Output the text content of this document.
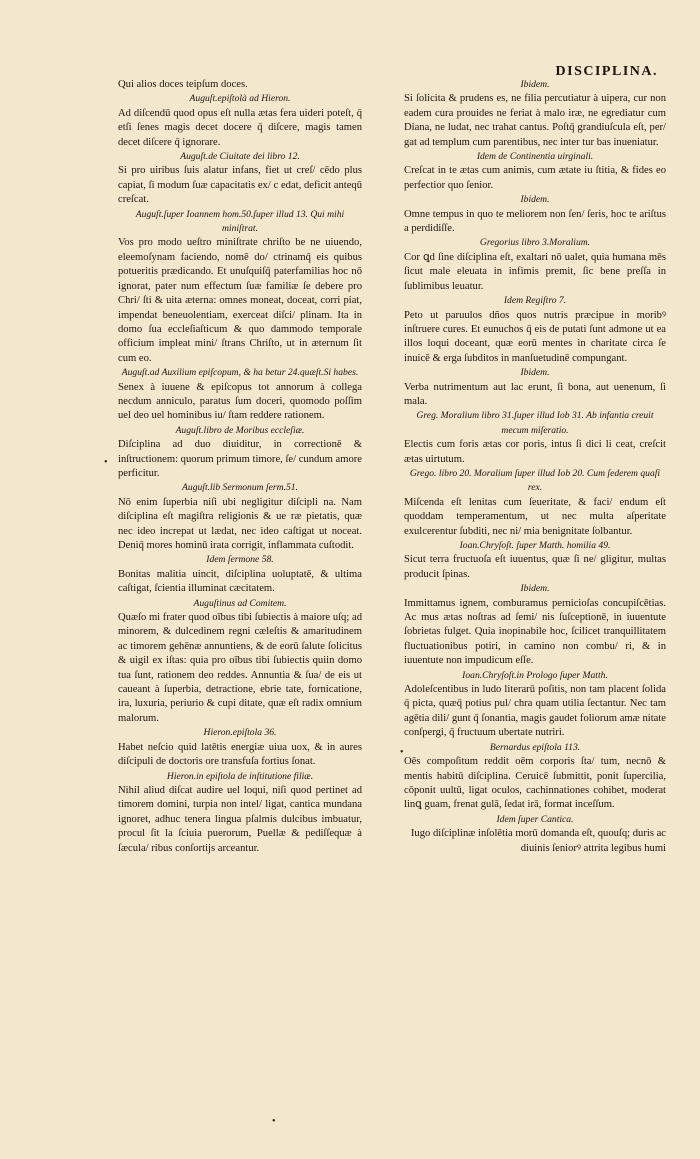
DISCIPLINA.

Qui alios doces teipſum doces.

Auguſt.epiſtolà ad Hieron.

Ad diſcendū quod opus eſt nulla ætas fera uideri poteſt, q̄ etſi ſenes magis decet docere q̄ diſcere, magis tamen decet diſcere q̄ ignorare.

Auguſt.de Ciuitate dei libro 12.

Si pro uiribus ſuis alatur infans, fiet ut creſ/ cēdo plus capiat, ſi modum ſuæ capacitatis ex/ c edat, deficit anteqū creſcat.

Auguſt.ſuper Ioannem hom.50.ſuper illud 13. Qui mihi miniſtrat.

Vos pro modo ueſtro miniſtrate chriſto be ne uiuendo, eleemoſynam faciendo, nomē do/ ctrinamq̄ eis quibus potueritis prædicando. Et unuſquiſq̄ paterfamilias hoc nō ignorat, pater num effectum ſuæ familiæ ſe debere pro Chri/ ſti & uita æterna: omnes moneat, doceat, corri piat, impendat beneuolentiam, exerceat diſci/ plinam. Ita in domo ſua eccleſiaſticum & quo dammodo temporale officium impleat mini/ ſtrans Chriſto, ut in æternum ſit cum eo.

Auguſt.ad Auxilium epiſcopum, & ha betur 24.quæſt.Si habes.

Senex à iuuene & epiſcopus tot annorum à collega necdum anniculo, paratus ſum doceri, quomodo poſſim uel deo uel hominibus iu/ ſtam reddere rationem.

Auguſt.libro de Moribus eccleſiæ.

Diſciplina ad duo diuiditur, in correctionē & inſtructionem: quorum primum timore, ſe/ cundum amore perficitur.

Auguſt.lib Sermonum ſerm.51.

Nō enim ſuperbia niſi ubi negligitur diſcipli na. Nam diſciplina eſt magiſtra religionis & ue ræ pietatis, quæ nec ideo increpat ut lædat, nec ideo caſtigat ut noceat. Deniq̄ mores hominū irata corrigit, inflammata cuſtodit.

Idem ſermone 58.

Bonitas malitia uincit, diſciplina uoluptatē, & ultima caſtigat, ſcientia illuminat cæcitatem.

Auguſtinus ad Comitem.

Quæſo mi frater quod oībus tibi ſubiectis à maiore uſq; ad minorem, & dulcedinem regni cæleſtis & amaritudinem ac timorem gehēnæ annuntiens, & de eorū ſalute ſolicitus & uigil ex iſtas: quia pro oībus tibi ſubiectis quiin domo tua ſunt, rationem deo reddes. Annuntia & ſua/ de eis ut caueant à ſuperbia, detractione, ebrie tate, fornicatione, ira, luxuria, periurio & cupi ditate, quæ eſt radix omnium malorum.

Hieron.epiſtola 36.

Habet neſcio quid latētis energiæ uiua uox, & in aures diſcipuli de doctoris ore transfuſa fortius ſonat.

Hieron.in epiſtola de inſtitutione filiæ.

Nihil aliud diſcat audire uel loqui, niſi quod pertinet ad timorem domini, turpia non intel/ ligat, cantica mundana ignoret, adhuc tenera lingua pſalmis dulcibus imbuatur, procul ſit la ſciuia puerorum, Puellæ & pediſſequæ à ſæcula/ ribus conſortijs arceantur.

Ibidem.

Si ſolicita & prudens es, ne filia percutiatur à uipera, cur non eadem cura prouides ne feriat à malo iræ, ne egrediatur cum Diana, ne ludat, nec trahat cantus. Poſtq̄ grandiuſcula eſt, per/ gat ad templum cum parentibus, nec inter tur bas inueniatur.

Idem de Continentia uirginali.

Creſcat in te ætas cum animis, cum ætate iu ſtitia, & fides eo perfectior quo ſenior.

Ibidem.

Omne tempus in quo te meliorem non ſen/ ſeris, hoc te ariſtus a perdidiſſe.

Gregorius libro 3.Moralium.

Cor ꝗd ſine diſciplina eſt, exaltari nō ualet, quia humana mēs ſicut male eleuata in infimis premit, ſic bene preſſa in ſublimibus leuatur.

Idem Regiſtro 7.

Peto ut paruulos dños quos nutris præcipue in moribꝰ inſtruere cures. Et eunuchos q̄ eis de putati ſunt admone ut ea illos loqui doceant, quæ eorū mentes in charitate circa ſe inuicē & erga ſubditos in manſuetudinē compungant.

Ibidem.

Verba nutrimentum aut lac erunt, ſi bona, aut uenenum, ſi mala.

Greg. Moralium libro 31.ſuper illud Iob 31. Ab infantia creuit mecum miſeratio.

Electis cum foris ætas cor poris, intus ſi dici li ceat, creſcit ætas uirtutum.

Grego. libro 20. Moralium ſuper illud Iob 20. Cum ſederem quaſi rex.

Miſcenda eſt lenitas cum ſeueritate, & faci/ endum eſt quoddam temperamentum, ut nec multa aſperitate exulcerentur ſubditi, nec ni/ mia benignitate ſolbantur.

Ioan.Chryſoſt. ſuper Matth. homilia 49.

Sicut terra fructuoſa eſt iuuentus, quæ ſi ne/ gligitur, multas producit ſpinas.

Ibidem.

Immittamus ignem, comburamus pernicioſas concupiſcētias. Ac mus ætas noſtras ad ſemi/ nis ſuſceptionē, in iuuentute ſobrietas fulget. Quia inopinabile hoc, ſcilicet tranquillitatem fluctuationibus potiri, in camino non combu/ ri, & in iuuentute non impudicum eſſe.

Ioan.Chryſoſt.in Prologo ſuper Matth.

Adoleſcentibus in ludo literarū poſitis, non tam placent ſolida q̄ picta, quæq̄ potius pul/ chra quam utilia ſectantur. Nec tam agētia dili/ gunt q̄ ſonantia, magis gaudet foliorum amæ nitate conſpergi, q̄ fructuum ubertate nutriri.

Bernardus epiſtola 113.

Oēs compoſitum reddit oēm corporis ſta/ tum, necnō & mentis habitū diſciplina. Ceruicē ſubmittit, ponit ſupercilia, cōponit uultū, ligat oculos, cachinnationes cohibet, moderat linꝗ guam, frenat gulā, ſedat irā, format inceſſum.

Idem ſuper Cantica.

Iugo diſciplinæ inſolētia morū domanda eſt, quouſq; duris ac diuinis ſeniorꝰ attrita legibus humi

•
•
•
